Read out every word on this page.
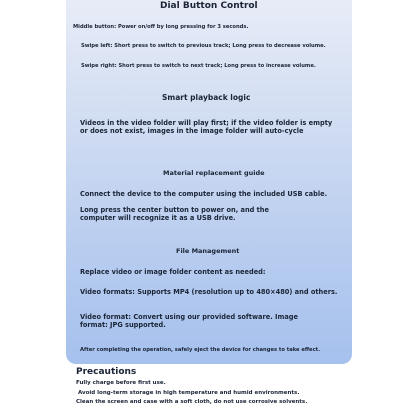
Dial Button Control

Middle button: Power on/off by long pressing for 3 seconds.

Swipe left: Short press to switch to previous track; Long press to decrease volume.

Swipe right: Short press to switch to next track; Long press to increase volume.

Smart playback logic

Videos in the video folder will play first; if the video folder is empty or does not exist, images in the image folder will auto-cycle

Material replacement guide

Connect the device to the computer using the included USB cable.

Long press the center button to power on, and the computer will recognize it as a USB drive.

File Management

Replace video or image folder content as needed:

Video formats: Supports MP4 (resolution up to 480×480) and others.

Video format: Convert using our provided software. Image format: JPG supported.

After completing the operation, safely eject the device for changes to take effect.

Precautions

Fully charge before first use.

Avoid long-term storage in high temperature and humid environments.

Clean the screen and case with a soft cloth, do not use corrosive solvents.
